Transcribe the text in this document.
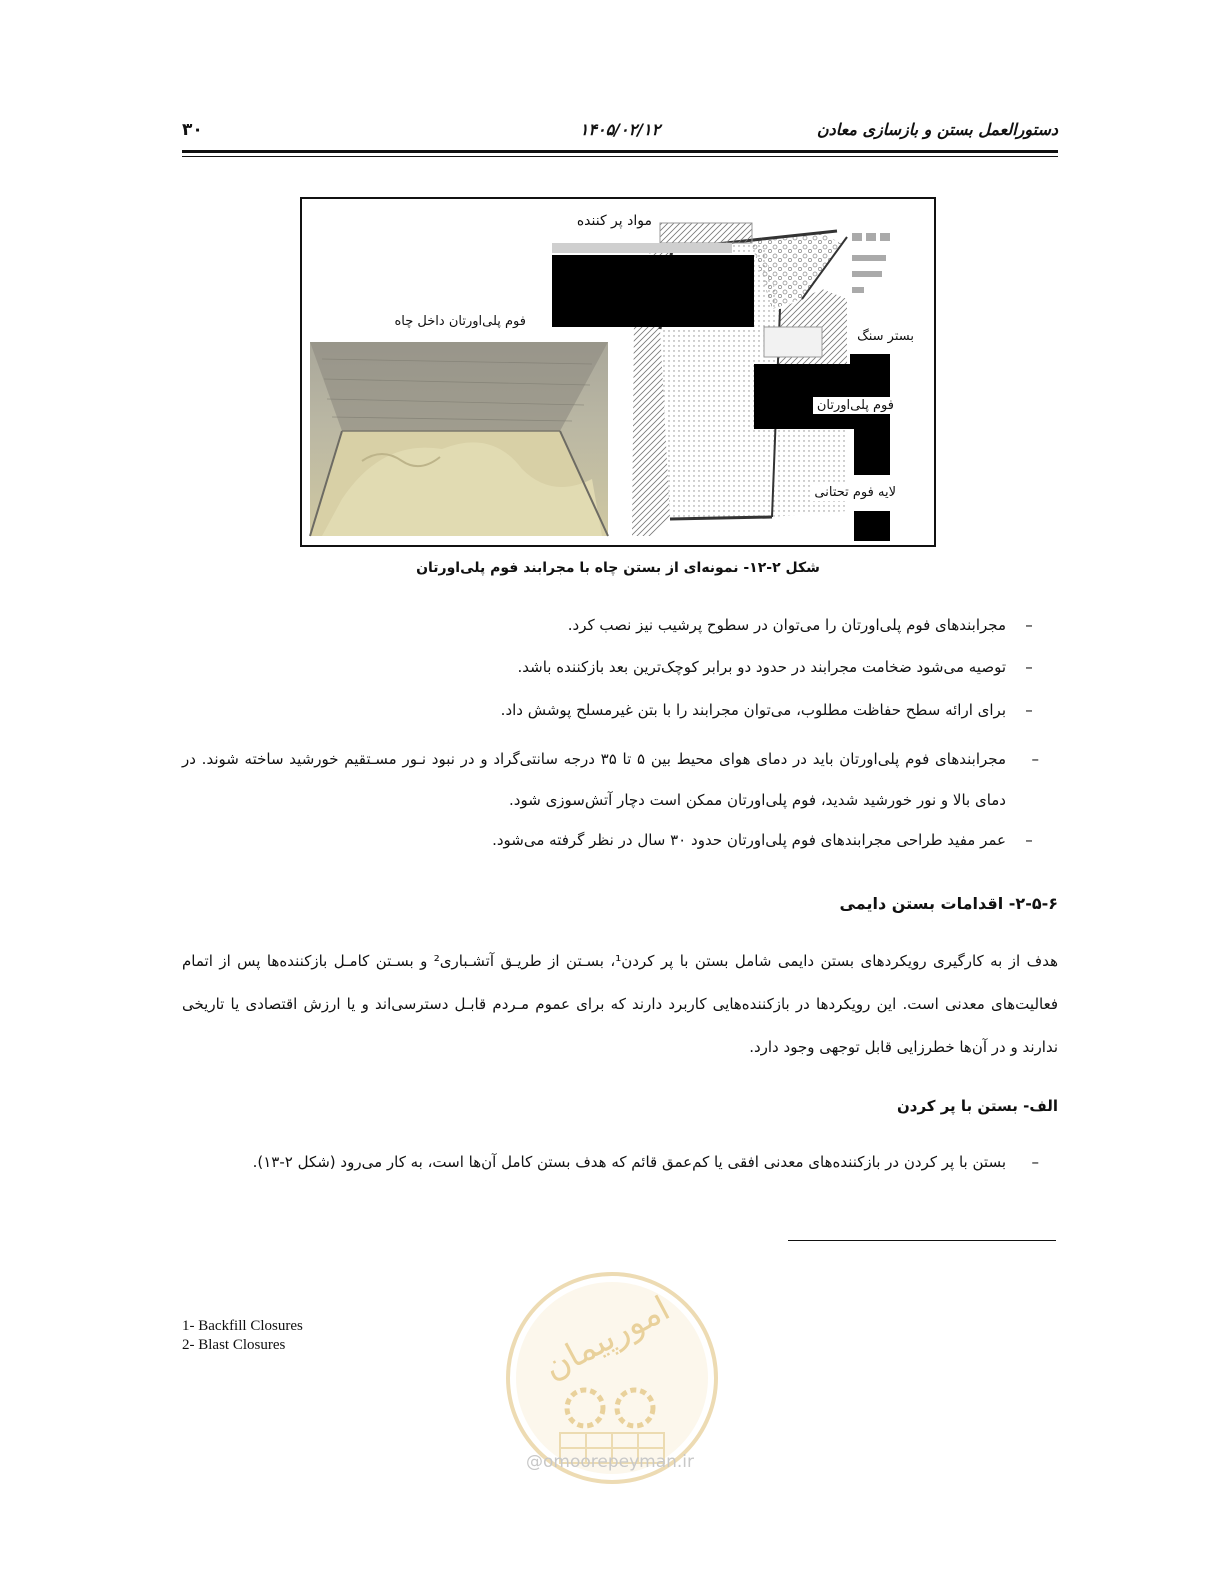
۳۰	۱۴۰۵/۰۲/۱۲	دستورالعمل بستن و بازسازی معادن
مواد پر کننده
فوم پلی‌اورتان داخل چاه
بستر سنگ
فوم پلی‌اورتان
لایه فوم تحتانی
شکل ۲-۱۲- نمونه‌ای از بستن چاه با مجرابند فوم پلی‌اورتان
–
مجرابندهای فوم پلی‌اورتان را می‌توان در سطوح پرشیب نیز نصب کرد.
–
توصیه می‌شود ضخامت مجرابند در حدود دو برابر کوچک‌ترین بعد بازکننده باشد.
–
برای ارائه سطح حفاظت مطلوب، می‌توان مجرابند را با بتن غیرمسلح پوشش داد.
–
مجرابندهای فوم پلی‌اورتان باید در دمای هوای محیط بین ۵ تا ۳۵ درجه سانتی‌گراد و در نبود نـور مسـتقیم خورشید ساخته شوند. در دمای بالا و نور خورشید شدید، فوم پلی‌اورتان ممکن است دچار آتش‌سوزی شود.
–
عمر مفید طراحی مجرابندهای فوم پلی‌اورتان حدود ۳۰ سال در نظر گرفته می‌شود.
۲-۵-۶- اقدامات بستن دایمی
هدف از به کارگیری رویکردهای بستن دایمی شامل بستن با پر کردن¹، بسـتن از طریـق آتشـباری² و بسـتن کامـل بازکننده‌ها پس از اتمام فعالیت‌های معدنی است. این رویکردها در بازکننده‌هایی کاربرد دارند که برای عموم مـردم قابـل دسترسی‌اند و یا ارزش اقتصادی یا تاریخی ندارند و در آن‌ها خطرزایی قابل توجهی وجود دارد.
الف- بستن با پر کردن
–
بستن با پر کردن در بازکننده‌های معدنی افقی یا کم‌عمق قائم که هدف بستن کامل آن‌ها است، به کار می‌رود (شکل ۲-۱۳).
1- Backfill Closures
2- Blast Closures	امورپیمان
@omoorepeyman.ir
